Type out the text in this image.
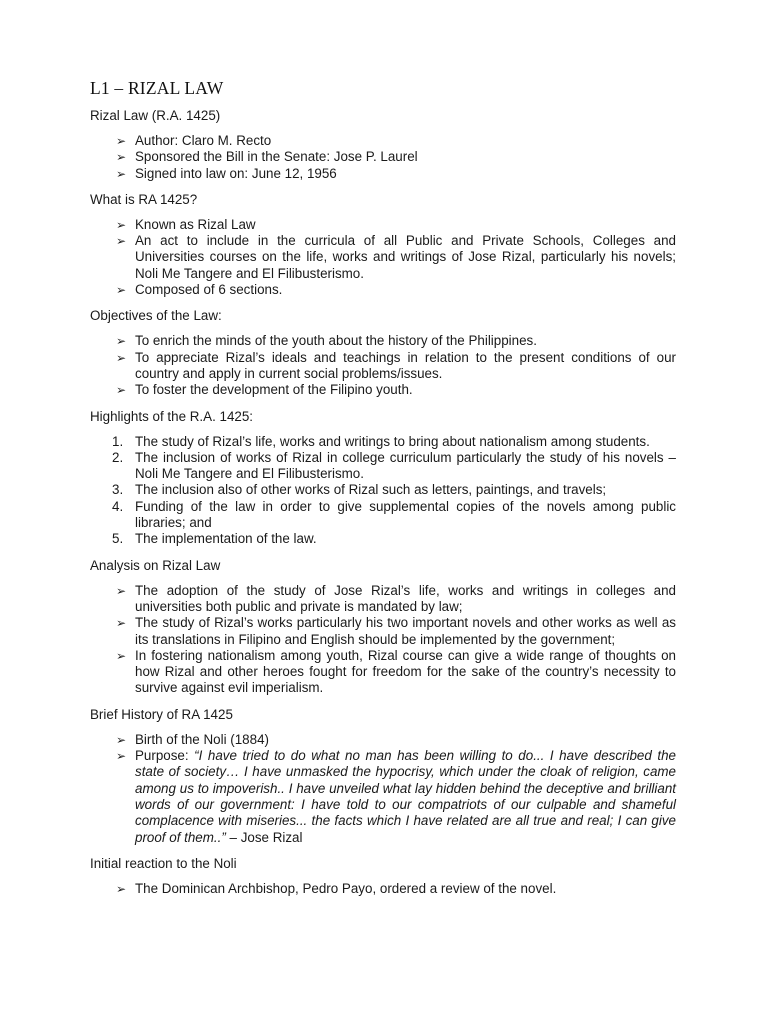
L1 – RIZAL LAW
Rizal Law (R.A. 1425)
➢ Author: Claro M. Recto
➢ Sponsored the Bill in the Senate: Jose P. Laurel
➢ Signed into law on: June 12, 1956
What is RA 1425?
➢ Known as Rizal Law
➢ An act to include in the curricula of all Public and Private Schools, Colleges and Universities courses on the life, works and writings of Jose Rizal, particularly his novels; Noli Me Tangere and El Filibusterismo.
➢ Composed of 6 sections.
Objectives of the Law:
➢ To enrich the minds of the youth about the history of the Philippines.
➢ To appreciate Rizal’s ideals and teachings in relation to the present conditions of our country and apply in current social problems/issues.
➢ To foster the development of the Filipino youth.
Highlights of the R.A. 1425:
1. The study of Rizal’s life, works and writings to bring about nationalism among students.
2. The inclusion of works of Rizal in college curriculum particularly the study of his novels – Noli Me Tangere and El Filibusterismo.
3. The inclusion also of other works of Rizal such as letters, paintings, and travels;
4. Funding of the law in order to give supplemental copies of the novels among public libraries; and
5. The implementation of the law.
Analysis on Rizal Law
➢ The adoption of the study of Jose Rizal’s life, works and writings in colleges and universities both public and private is mandated by law;
➢ The study of Rizal’s works particularly his two important novels and other works as well as its translations in Filipino and English should be implemented by the government;
➢ In fostering nationalism among youth, Rizal course can give a wide range of thoughts on how Rizal and other heroes fought for freedom for the sake of the country’s necessity to survive against evil imperialism.
Brief History of RA 1425
➢ Birth of the Noli (1884)
➢ Purpose: “I have tried to do what no man has been willing to do... I have described the state of society… I have unmasked the hypocrisy, which under the cloak of religion, came among us to impoverish.. I have unveiled what lay hidden behind the deceptive and brilliant words of our government: I have told to our compatriots of our culpable and shameful complacence with miseries... the facts which I have related are all true and real; I can give proof of them..” – Jose Rizal
Initial reaction to the Noli
➢ The Dominican Archbishop, Pedro Payo, ordered a review of the novel.
